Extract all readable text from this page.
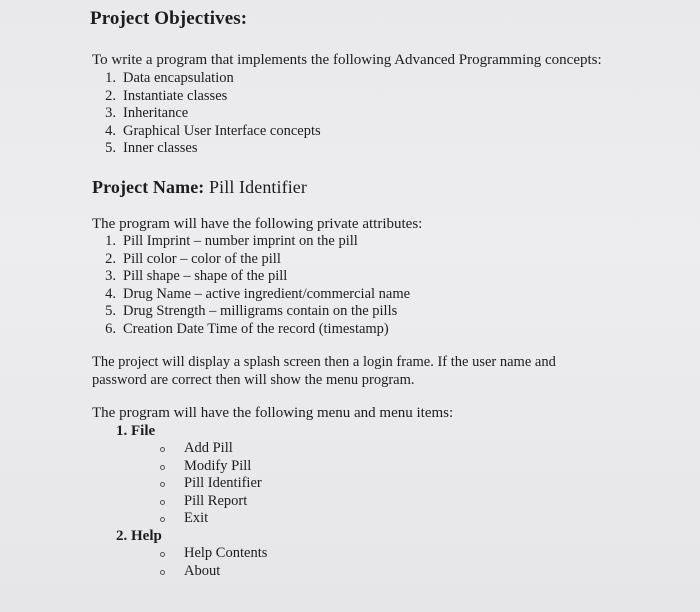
Project Objectives:
To write a program that implements the following Advanced Programming concepts:
1. Data encapsulation
2. Instantiate classes
3. Inheritance
4. Graphical User Interface concepts
5. Inner classes
Project Name: Pill Identifier
The program will have the following private attributes:
1. Pill Imprint – number imprint on the pill
2. Pill color – color of the pill
3. Pill shape – shape of the pill
4. Drug Name – active ingredient/commercial name
5. Drug Strength – milligrams contain on the pills
6. Creation Date Time of the record (timestamp)
The project will display a splash screen then a login frame. If the user name and
password are correct then will show the menu program.
The program will have the following menu and menu items:
1. File
Add Pill
Modify Pill
Pill Identifier
Pill Report
Exit
2. Help
Help Contents
About
